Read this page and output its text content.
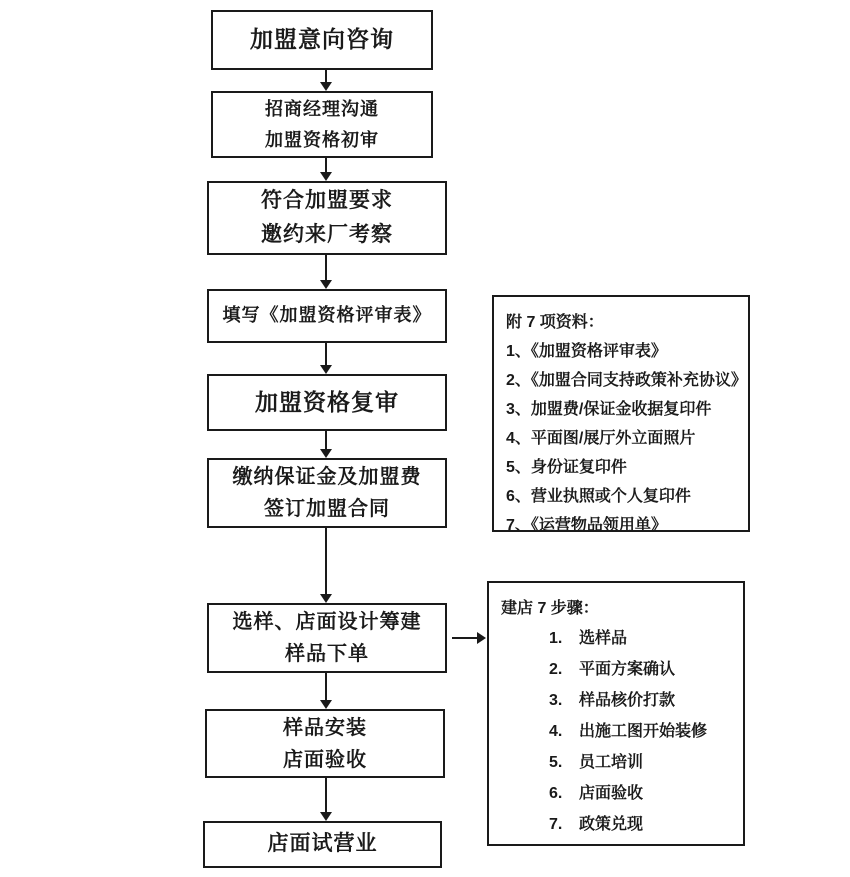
加盟意向咨询
招商经理沟通
加盟资格初审
符合加盟要求
邀约来厂考察
填写《加盟资格评审表》
加盟资格复审
缴纳保证金及加盟费
签订加盟合同
选样、店面设计筹建
样品下单
样品安装
店面验收
店面试营业
附 7 项资料：
1、《加盟资格评审表》
2、《加盟合同支持政策补充协议》
3、加盟费/保证金收据复印件
4、平面图/展厅外立面照片
5、身份证复印件
6、营业执照或个人复印件
7、《运营物品领用单》
建店 7 步骤：
1.	选样品
2.	平面方案确认
3.	样品核价打款
4.	出施工图开始装修
5.	员工培训
6.	店面验收
7.	政策兑现
